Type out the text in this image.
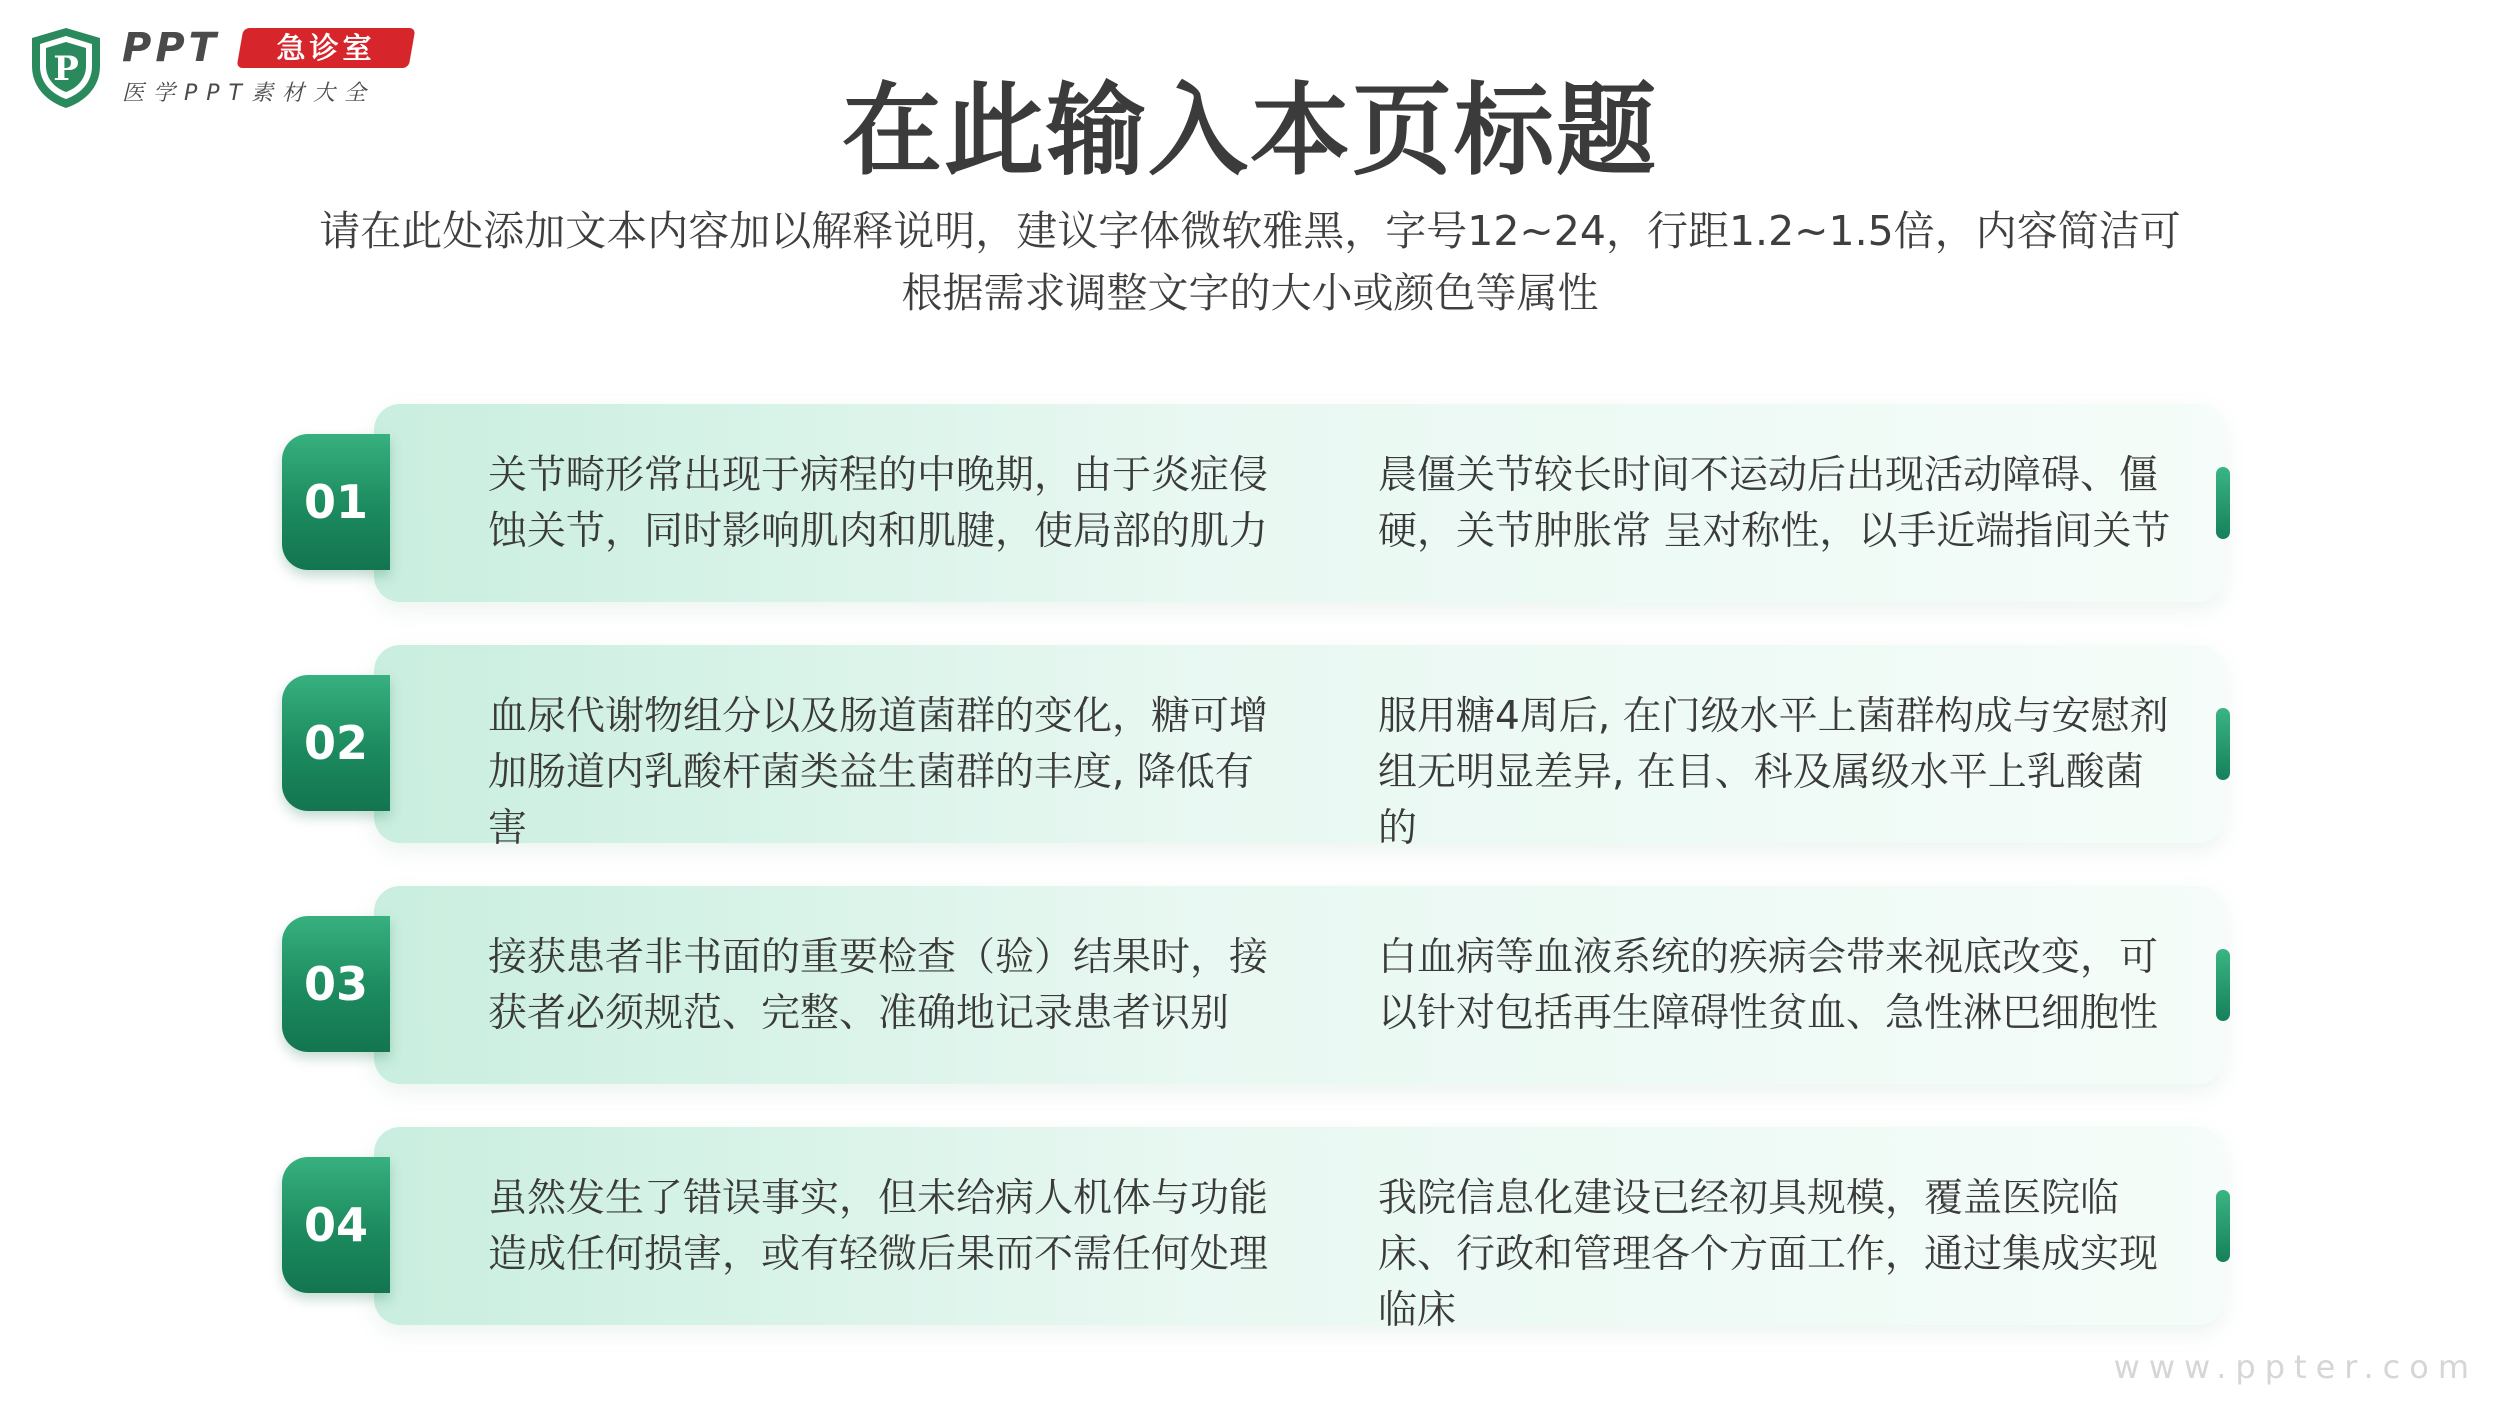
P PPT	急诊室
医学PPT素材大全	在此输入本页标题
请在此处添加文本内容加以解释说明，建议字体微软雅黑，字号12~24，行距1.2~1.5倍，内容简洁可根据需求调整文字的大小或颜色等属性
01	关节畸形常出现于病程的中晚期，由于炎症侵蚀关节，同时影响肌肉和肌腱，使局部的肌力
晨僵关节较长时间不运动后出现活动障碍、僵硬，关节肿胀常 呈对称性，以手近端指间关节
02	血尿代谢物组分以及肠道菌群的变化，糖可增加肠道内乳酸杆菌类益生菌群的丰度, 降低有害
服用糖4周后, 在门级水平上菌群构成与安慰剂组无明显差异, 在目、科及属级水平上乳酸菌的
03	接获患者非书面的重要检查（验）结果时，接获者必须规范、完整、准确地记录患者识别
白血病等血液系统的疾病会带来视底改变，可以针对包括再生障碍性贫血、急性淋巴细胞性
04	虽然发生了错误事实，但未给病人机体与功能造成任何损害，或有轻微后果而不需任何处理
我院信息化建设已经初具规模，覆盖医院临床、行政和管理各个方面工作，通过集成实现临床
www.ppter.com
